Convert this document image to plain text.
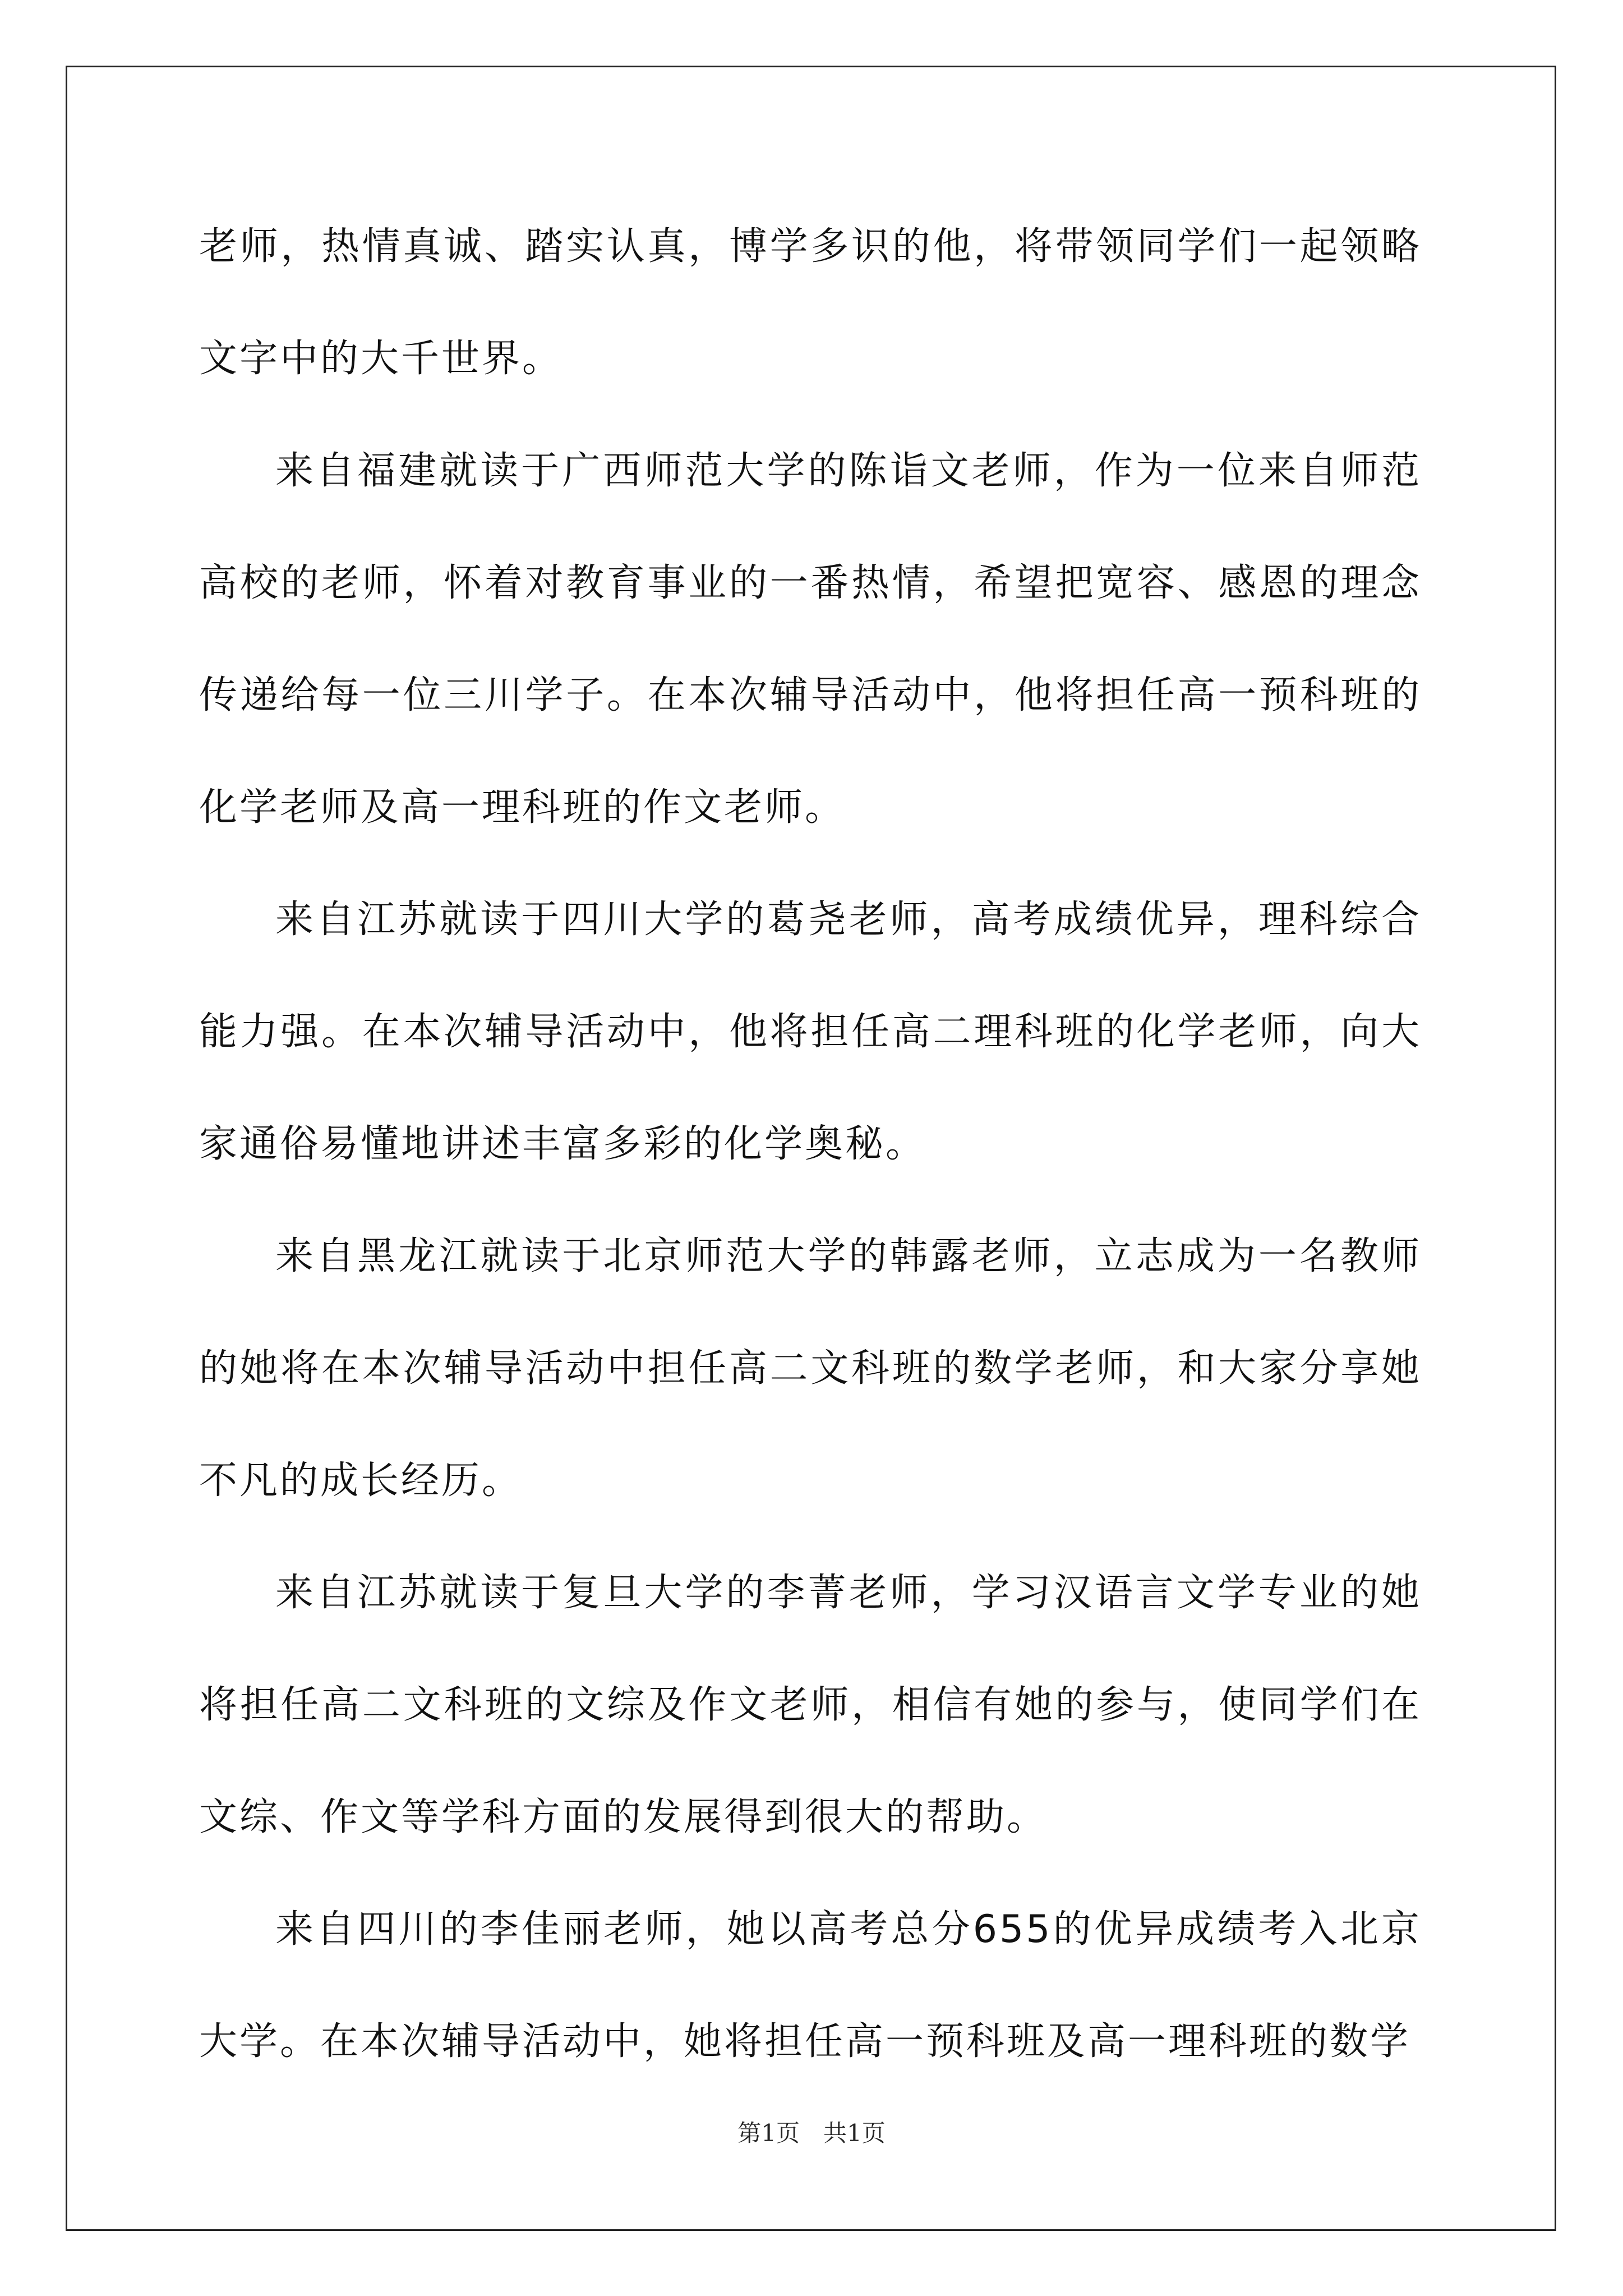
老师，热情真诚、踏实认真，博学多识的他，将带领同学们一起领略文字中的大千世界。

来自福建就读于广西师范大学的陈诣文老师，作为一位来自师范高校的老师，怀着对教育事业的一番热情，希望把宽容、感恩的理念传递给每一位三川学子。在本次辅导活动中，他将担任高一预科班的化学老师及高一理科班的作文老师。

来自江苏就读于四川大学的葛尧老师，高考成绩优异，理科综合能力强。在本次辅导活动中，他将担任高二理科班的化学老师，向大家通俗易懂地讲述丰富多彩的化学奥秘。

来自黑龙江就读于北京师范大学的韩露老师，立志成为一名教师的她将在本次辅导活动中担任高二文科班的数学老师，和大家分享她不凡的成长经历。

来自江苏就读于复旦大学的李菁老师，学习汉语言文学专业的她将担任高二文科班的文综及作文老师，相信有她的参与，使同学们在文综、作文等学科方面的发展得到很大的帮助。

来自四川的李佳丽老师，她以高考总分655的优异成绩考入北京大学。在本次辅导活动中，她将担任高一预科班及高一理科班的数学

第1页　共1页
